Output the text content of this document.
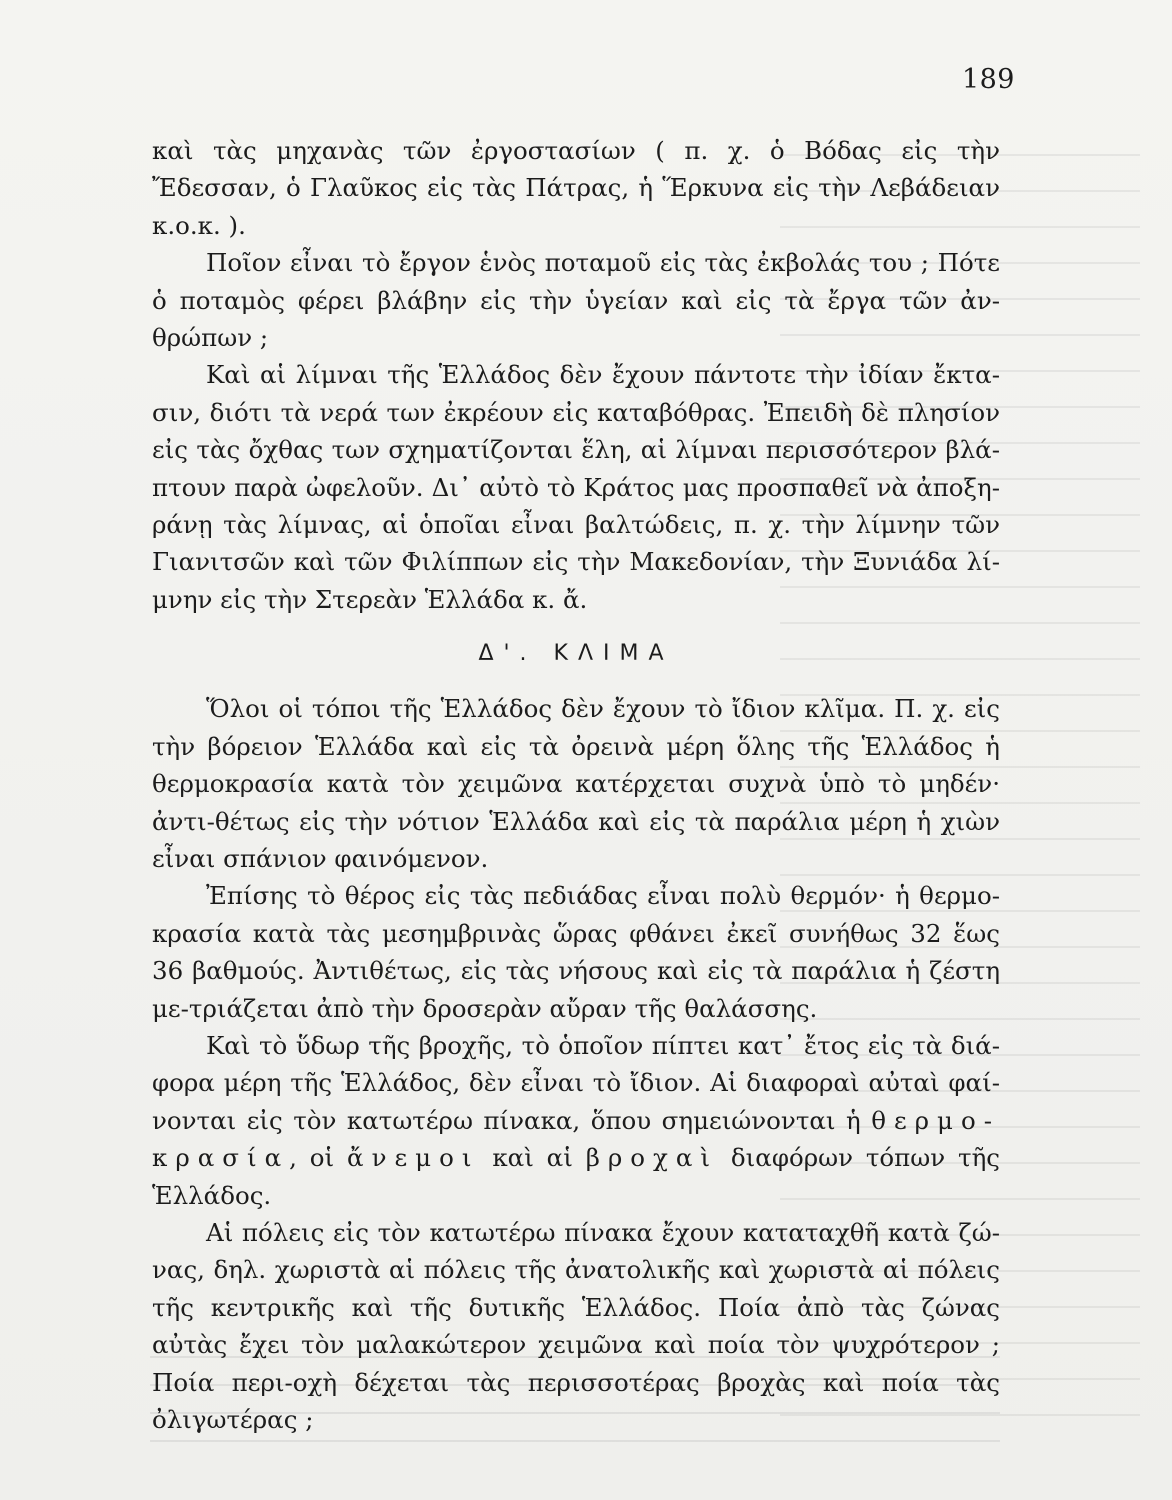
189

καὶ τὰς μηχανὰς τῶν ἐργοστασίων ( π. χ. ὁ Βόδας εἰς τὴν Ἔδεσσαν, ὁ Γλαῦκος εἰς τὰς Πάτρας, ἡ Ἕρκυνα εἰς τὴν Λεβάδειαν κ.ο.κ. ).

Ποῖον εἶναι τὸ ἔργον ἑνὸς ποταμοῦ εἰς τὰς ἐκβολάς του ; Πότε ὁ ποταμὸς φέρει βλάβην εἰς τὴν ὑγείαν καὶ εἰς τὰ ἔργα τῶν ἀν-θρώπων ;

Καὶ αἱ λίμναι τῆς Ἑλλάδος δὲν ἔχουν πάντοτε τὴν ἰδίαν ἔκτα-σιν, διότι τὰ νερά των ἐκρέουν εἰς καταβόθρας. Ἐπειδὴ δὲ πλησίον εἰς τὰς ὄχθας των σχηματίζονται ἕλη, αἱ λίμναι περισσότερον βλά-πτουν παρὰ ὠφελοῦν. Δι᾽ αὐτὸ τὸ Κράτος μας προσπαθεῖ νὰ ἀποξη-ράνῃ τὰς λίμνας, αἱ ὁποῖαι εἶναι βαλτώδεις, π. χ. τὴν λίμνην τῶν Γιανιτσῶν καὶ τῶν Φιλίππων εἰς τὴν Μακεδονίαν, τὴν Ξυνιάδα λί-μνην εἰς τὴν Στερεὰν Ἑλλάδα κ. ἄ.

Δ'. ΚΛΙΜΑ

Ὅλοι οἱ τόποι τῆς Ἑλλάδος δὲν ἔχουν τὸ ἴδιον κλῖμα. Π. χ. εἰς τὴν βόρειον Ἑλλάδα καὶ εἰς τὰ ὀρεινὰ μέρη ὅλης τῆς Ἑλλάδος ἡ θερμοκρασία κατὰ τὸν χειμῶνα κατέρχεται συχνὰ ὑπὸ τὸ μηδέν· ἀντι-θέτως εἰς τὴν νότιον Ἑλλάδα καὶ εἰς τὰ παράλια μέρη ἡ χιὼν εἶναι σπάνιον φαινόμενον.

Ἐπίσης τὸ θέρος εἰς τὰς πεδιάδας εἶναι πολὺ θερμόν· ἡ θερμο-κρασία κατὰ τὰς μεσημβρινὰς ὥρας φθάνει ἐκεῖ συνήθως 32 ἕως 36 βαθμούς. Ἀντιθέτως, εἰς τὰς νήσους καὶ εἰς τὰ παράλια ἡ ζέστη με-τριάζεται ἀπὸ τὴν δροσερὰν αὔραν τῆς θαλάσσης.

Καὶ τὸ ὕδωρ τῆς βροχῆς, τὸ ὁποῖον πίπτει κατ᾽ ἔτος εἰς τὰ διά-φορα μέρη τῆς Ἑλλάδος, δὲν εἶναι τὸ ἴδιον. Αἱ διαφοραὶ αὐταὶ φαί-νονται εἰς τὸν κατωτέρω πίνακα, ὅπου σημειώνονται ἡ θερμο-κρασία, οἱ ἄνεμοι καὶ αἱ βροχαὶ διαφόρων τόπων τῆς Ἑλλάδος.

Αἱ πόλεις εἰς τὸν κατωτέρω πίνακα ἔχουν καταταχθῆ κατὰ ζώ-νας, δηλ. χωριστὰ αἱ πόλεις τῆς ἀνατολικῆς καὶ χωριστὰ αἱ πόλεις τῆς κεντρικῆς καὶ τῆς δυτικῆς Ἑλλάδος. Ποία ἀπὸ τὰς ζώνας αὐτὰς ἔχει τὸν μαλακώτερον χειμῶνα καὶ ποία τὸν ψυχρότερον ; Ποία περι-οχὴ δέχεται τὰς περισσοτέρας βροχὰς καὶ ποία τὰς ὀλιγωτέρας ;
